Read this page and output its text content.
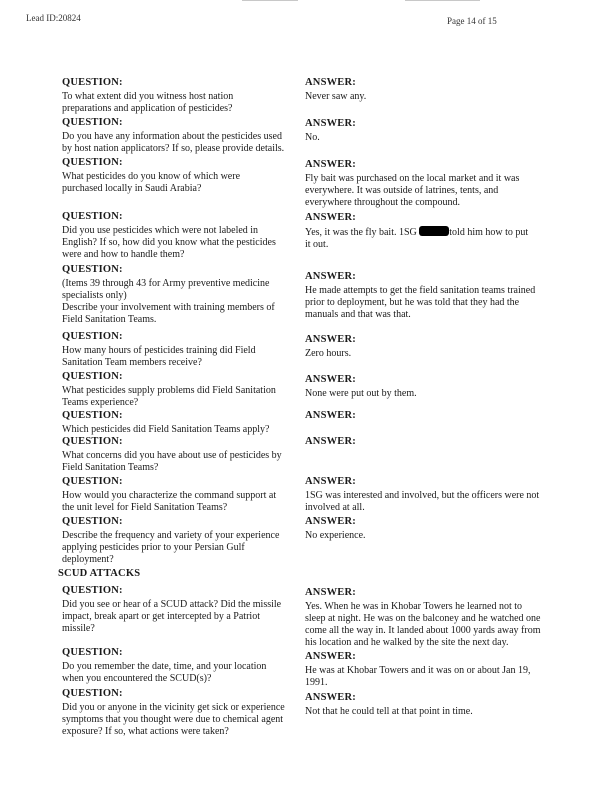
Lead ID:20824	Page 14 of 15
QUESTION:
To what extent did you witness host nation preparations and application of pesticides?
ANSWER:
Never saw any.
QUESTION:
Do you have any information about the pesticides used by host nation applicators? If so, please provide details.
ANSWER:
No.
QUESTION:
What pesticides do you know of which were purchased locally in Saudi Arabia?
ANSWER:
Fly bait was purchased on the local market and it was everywhere. It was outside of latrines, tents, and everywhere throughout the compound.
QUESTION:
Did you use pesticides which were not labeled in English? If so, how did you know what the pesticides were and how to handle them?
ANSWER:
Yes, it was the fly bait. 1SG	told him how to put it out.
QUESTION:
(Items 39 through 43 for Army preventive medicine specialists only)
Describe your involvement with training members of Field Sanitation Teams.
ANSWER:
He made attempts to get the field sanitation teams trained prior to deployment, but he was told that they had the manuals and that was that.
QUESTION:
How many hours of pesticides training did Field Sanitation Team members receive?
ANSWER:
Zero hours.
QUESTION:
What pesticides supply problems did Field Sanitation Teams experience?
ANSWER:
None were put out by them.
QUESTION:
Which pesticides did Field Sanitation Teams apply?
ANSWER:
QUESTION:
What concerns did you have about use of pesticides by Field Sanitation Teams?
ANSWER:
QUESTION:
How would you characterize the command support at the unit level for Field Sanitation Teams?
ANSWER:
1SG was interested and involved, but the officers were not involved at all.
QUESTION:
Describe the frequency and variety of your experience applying pesticides prior to your Persian Gulf deployment?
ANSWER:
No experience.
SCUD ATTACKS
QUESTION:
Did you see or hear of a SCUD attack? Did the missile impact, break apart or get intercepted by a Patriot missile?
ANSWER:
Yes. When he was in Khobar Towers he learned not to sleep at night. He was on the balconey and he watched one come all the way in. It landed about 1000 yards away from his location and he walked by the site the next day.
QUESTION:
Do you remember the date, time, and your location when you encountered the SCUD(s)?
ANSWER:
He was at Khobar Towers and it was on or about Jan 19, 1991.
QUESTION:
Did you or anyone in the vicinity get sick or experience symptoms that you thought were due to chemical agent exposure? If so, what actions were taken?
ANSWER:
Not that he could tell at that point in time.
